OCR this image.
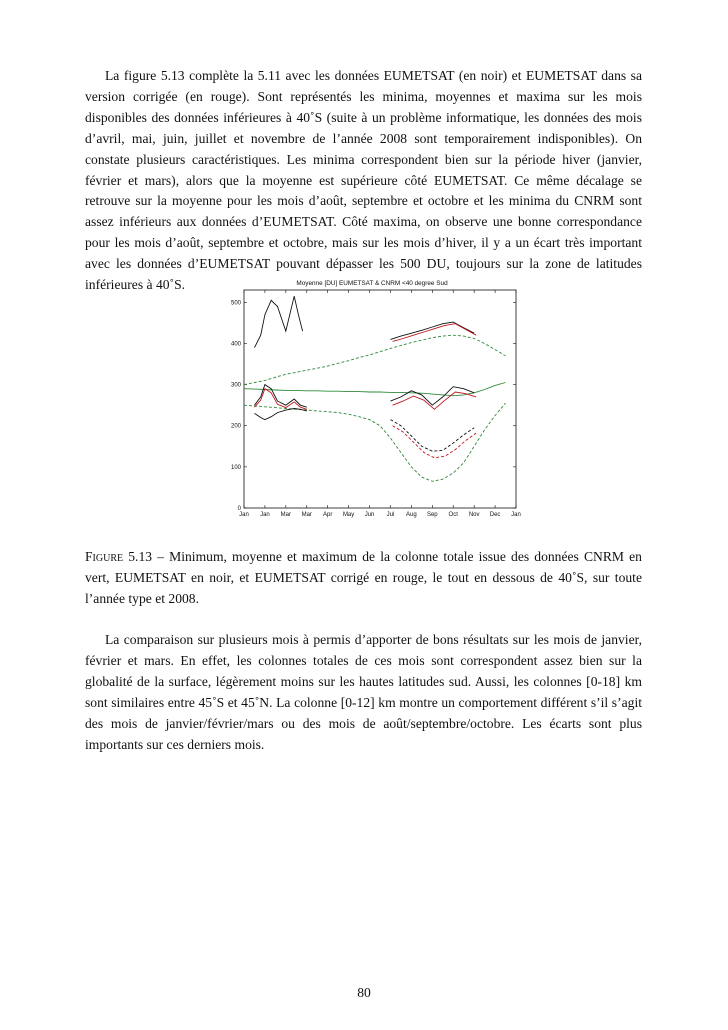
La figure 5.13 complète la 5.11 avec les données EUMETSAT (en noir) et EUMETSAT dans sa version corrigée (en rouge). Sont représentés les minima, moyennes et maxima sur les mois disponibles des données inférieures à 40˚S (suite à un problème informatique, les données des mois d’avril, mai, juin, juillet et novembre de l’année 2008 sont temporairement indisponibles). On constate plusieurs caractéristiques. Les minima correspondent bien sur la période hiver (janvier, février et mars), alors que la moyenne est supérieure côté EUMETSAT. Ce même décalage se retrouve sur la moyenne pour les mois d’août, septembre et octobre et les minima du CNRM sont assez inférieurs aux données d’EUMETSAT. Côté maxima, on observe une bonne correspondance pour les mois d’août, septembre et octobre, mais sur les mois d’hiver, il y a un écart très important avec les données d’EUMETSAT pouvant dépasser les 500 DU, toujours sur la zone de latitudes inférieures à 40˚S.	Moyenne [DU] EUMETSAT & CNRM <40 degree Sud
0
100
200
300
400
500
Jan Jan Mar Mar Apr May Jun Jul Aug Sep Oct Nov Dec Jan

Figure 5.13 – Minimum, moyenne et maximum de la colonne totale issue des données CNRM en vert, EUMETSAT en noir, et EUMETSAT corrigé en rouge, le tout en dessous de 40˚S, sur toute l’année type et 2008.

La comparaison sur plusieurs mois à permis d’apporter de bons résultats sur les mois de janvier, février et mars. En effet, les colonnes totales de ces mois sont correspondent assez bien sur la globalité de la surface, légèrement moins sur les hautes latitudes sud. Aussi, les colonnes [0-18] km sont similaires entre 45˚S et 45˚N. La colonne [0-12] km montre un comportement différent s’il s’agit des mois de janvier/février/mars ou des mois de août/septembre/octobre. Les écarts sont plus importants sur ces derniers mois.

80
